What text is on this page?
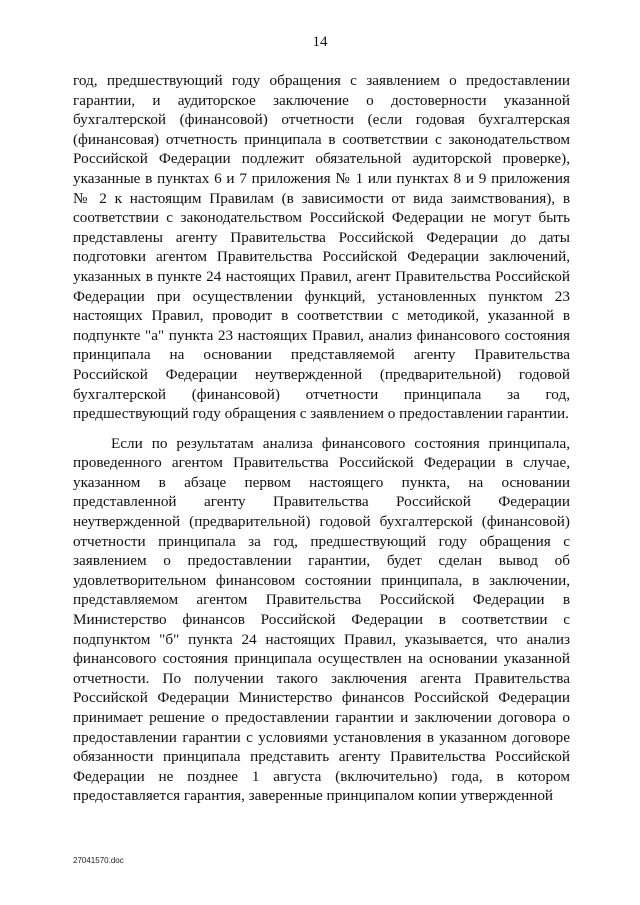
14

год, предшествующий году обращения с заявлением о предоставлении гарантии, и аудиторское заключение о достоверности указанной бухгалтерской (финансовой) отчетности (если годовая бухгалтерская (финансовая) отчетность принципала в соответствии с законодательством Российской Федерации подлежит обязательной аудиторской проверке), указанные в пунктах 6 и 7 приложения № 1 или пунктах 8 и 9 приложения № 2 к настоящим Правилам (в зависимости от вида заимствования), в соответствии с законодательством Российской Федерации не могут быть представлены агенту Правительства Российской Федерации до даты подготовки агентом Правительства Российской Федерации заключений, указанных в пункте 24 настоящих Правил, агент Правительства Российской Федерации при осуществлении функций, установленных пунктом 23 настоящих Правил, проводит в соответствии с методикой, указанной в подпункте "а" пункта 23 настоящих Правил, анализ финансового состояния принципала на основании представляемой агенту Правительства Российской Федерации неутвержденной (предварительной) годовой бухгалтерской (финансовой) отчетности принципала за год, предшествующий году обращения с заявлением о предоставлении гарантии.

Если по результатам анализа финансового состояния принципала, проведенного агентом Правительства Российской Федерации в случае, указанном в абзаце первом настоящего пункта, на основании представленной агенту Правительства Российской Федерации неутвержденной (предварительной) годовой бухгалтерской (финансовой) отчетности принципала за год, предшествующий году обращения с заявлением о предоставлении гарантии, будет сделан вывод об удовлетворительном финансовом состоянии принципала, в заключении, представляемом агентом Правительства Российской Федерации в Министерство финансов Российской Федерации в соответствии с подпунктом "б" пункта 24 настоящих Правил, указывается, что анализ финансового состояния принципала осуществлен на основании указанной отчетности. По получении такого заключения агента Правительства Российской Федерации Министерство финансов Российской Федерации принимает решение о предоставлении гарантии и заключении договора о предоставлении гарантии с условиями установления в указанном договоре обязанности принципала представить агенту Правительства Российской Федерации не позднее 1 августа (включительно) года, в котором предоставляется гарантия, заверенные принципалом копии утвержденной

27041570.doc
